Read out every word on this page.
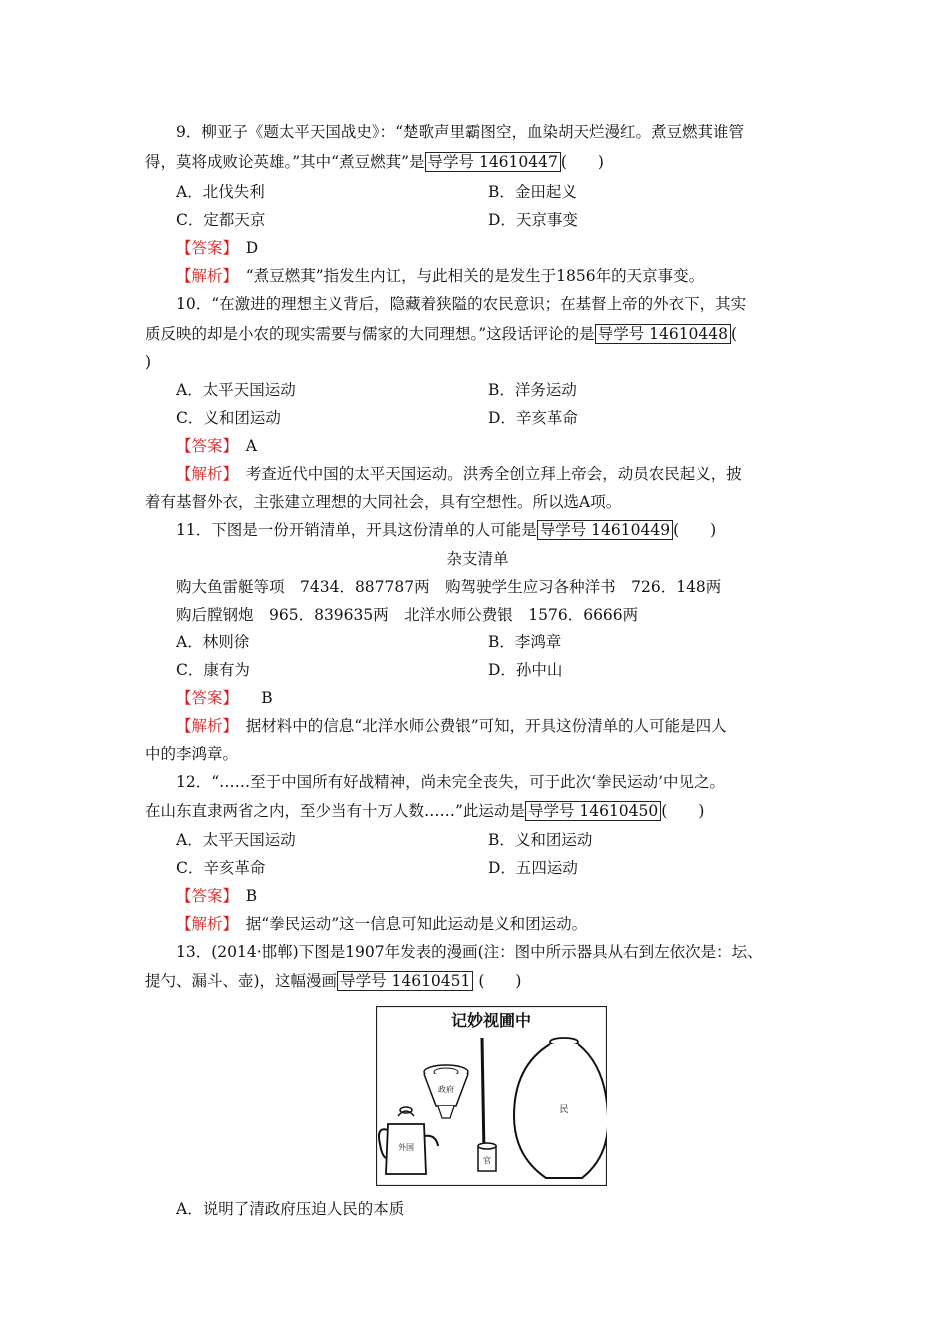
9．柳亚子《题太平天国战史》：“楚歌声里霸图空，血染胡天烂漫红。煮豆燃萁谁管
得，莫将成败论英雄。”其中“煮豆燃萁”是 导学号 14610447 (　　)
A．北伐失利	B．金田起义
C．定都天京	D．天京事变
【答案】　 D
【解析】　 “煮豆燃萁”指发生内讧，与此相关的是发生于1856年的天京事变。
10．“在激进的理想主义背后，隐藏着狭隘的农民意识；在基督上帝的外衣下，其实
质反映的却是小农的现实需要与儒家的大同理想。”这段话评论的是 导学号 14610448 (
)
A．太平天国运动	B．洋务运动
C．义和团运动	D．辛亥革命
【答案】　 A
【解析】　 考查近代中国的太平天国运动。洪秀全创立拜上帝会，动员农民起义，披
着有基督外衣，主张建立理想的大同社会，具有空想性。所以选A项。
11．下图是一份开销清单，开具这份清单的人可能是 导学号 14610449 (　　)
杂支清单
购大鱼雷艇等项　7434．887787两　购驾驶学生应习各种洋书　726．148两
购后膛钢炮　965．839635两　北洋水师公费银　1576．6666两
A．林则徐	B．李鸿章
C．康有为	D．孙中山
【答案】　　 B
【解析】　 据材料中的信息“北洋水师公费银”可知，开具这份清单的人可能是四人
中的李鸿章。
12．“……至于中国所有好战精神，尚未完全丧失，可于此次‘拳民运动’中见之。
在山东直隶两省之内，至少当有十万人数……”此运动是 导学号 14610450 (　　)
A．太平天国运动	B．义和团运动
C．辛亥革命	D．五四运动
【答案】　 B
【解析】　 据“拳民运动”这一信息可知此运动是义和团运动。
13．(2014·邯郸)下图是1907年发表的漫画(注：图中所示器具从右到左依次是：坛、
提勺、漏斗、壶)，这幅漫画 导学号 14610451 (　　)
记妙视圃中
官
政府
外国
民
A．说明了清政府压迫人民的本质
